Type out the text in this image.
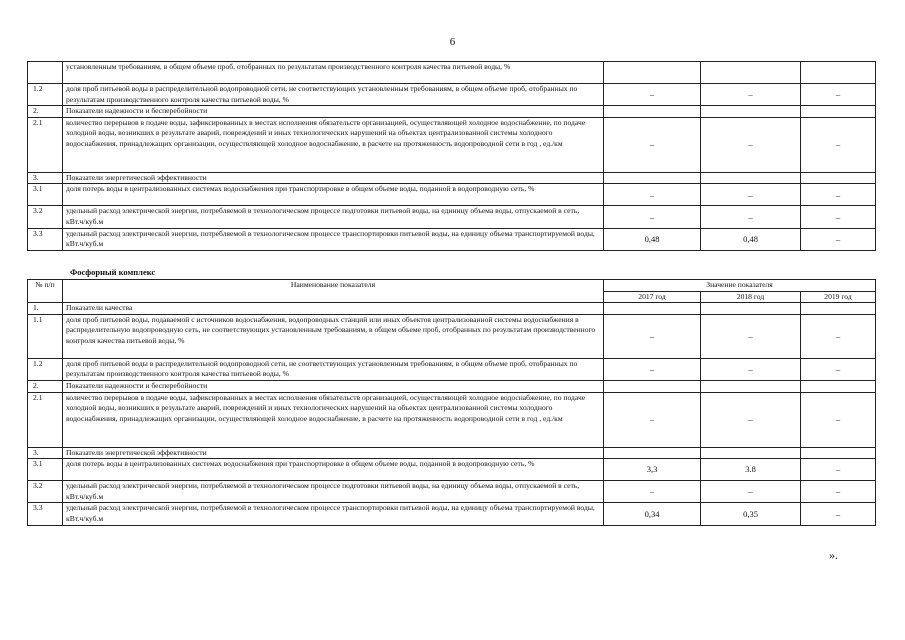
6
	установленным требованиям, в общем объеме проб, отобранных по результатам производственного контроля качества питьевой воды, %			
1.2	доля проб питьевой воды в распределительной водопроводной сети, не соответствующих установленным требованиям, в общем объеме проб, отобранных по результатам производственного контроля качества питьевой воды, %	–	–	–
2.	Показатели надежности и бесперебойности			
2.1	количество перерывов в подаче воды, зафиксированных в местах исполнения обязательств организацией, осуществляющей холодное водоснабжение, по подаче холодной воды, возникших в результате аварий, повреждений и иных технологических нарушений на объектах централизованной системы холодного водоснабжения, принадлежащих организации, осуществляющей холодное водоснабжение, в расчете на протяженность водопроводной сети в год , ед./км	–	–	–
3.	Показатели энергетической эффективности			
3.1	доля потерь воды в централизованных системах водоснабжения при транспортировке в общем объеме воды, поданной в водопроводную сеть, %	–	–	–
3.2	удельный расход электрической энергии, потребляемой в технологическом процессе подготовки питьевой воды, на единицу объема воды, отпускаемой в сеть, кВт.ч/куб.м	–	–	–
3.3	удельный расход электрической энергии, потребляемой в технологическом процессе транспортировки питьевой воды, на единицу объема транспортируемой воды, кВт.ч/куб.м	0,48	0,48	–
Фосфорный комплекс
№ п/п	Наименование показателя	Значение показателя		
		2017 год	2018 год	2019 год
1.	Показатели качества			
1.1	доля проб питьевой воды, подаваемой с источников водоснабжения, водопроводных станций или иных объектов централизованной системы водоснабжения в распределительную водопроводную сеть, не соответствующих установленным требованиям, в общем объеме проб, отобранных по результатам производственного контроля качества питьевой воды, %	–	–	–
1.2	доля проб питьевой воды в распределительной водопроводной сети, не соответствующих установленным требованиям, в общем объеме проб, отобранных по результатам производственного контроля качества питьевой воды, %	–	–	–
2.	Показатели надежности и бесперебойности			
2.1	количество перерывов в подаче воды, зафиксированных в местах исполнения обязательств организацией, осуществляющей холодное водоснабжение, по подаче холодной воды, возникших в результате аварий, повреждений и иных технологических нарушений на объектах централизованной системы холодного водоснабжения, принадлежащих организации, осуществляющей холодное водоснабжение, в расчете на протяженность водопроводной сети в год , ед./км	–	–	–
3.	Показатели энергетической эффективности			
3.1	доля потерь воды в централизованных системах водоснабжения при транспортировке в общем объеме воды, поданной в водопроводную сеть, %	3,3	3.8	–
3.2	удельный расход электрической энергии, потребляемой в технологическом процессе подготовки питьевой воды, на единицу объема воды, отпускаемой в сеть, кВт.ч/куб.м	–	–	–
3.3	удельный расход электрической энергии, потребляемой в технологическом процессе транспортировки питьевой воды, на единицу объема транспортируемой воды, кВт.ч/куб.м	0,34	0,35	–
».
